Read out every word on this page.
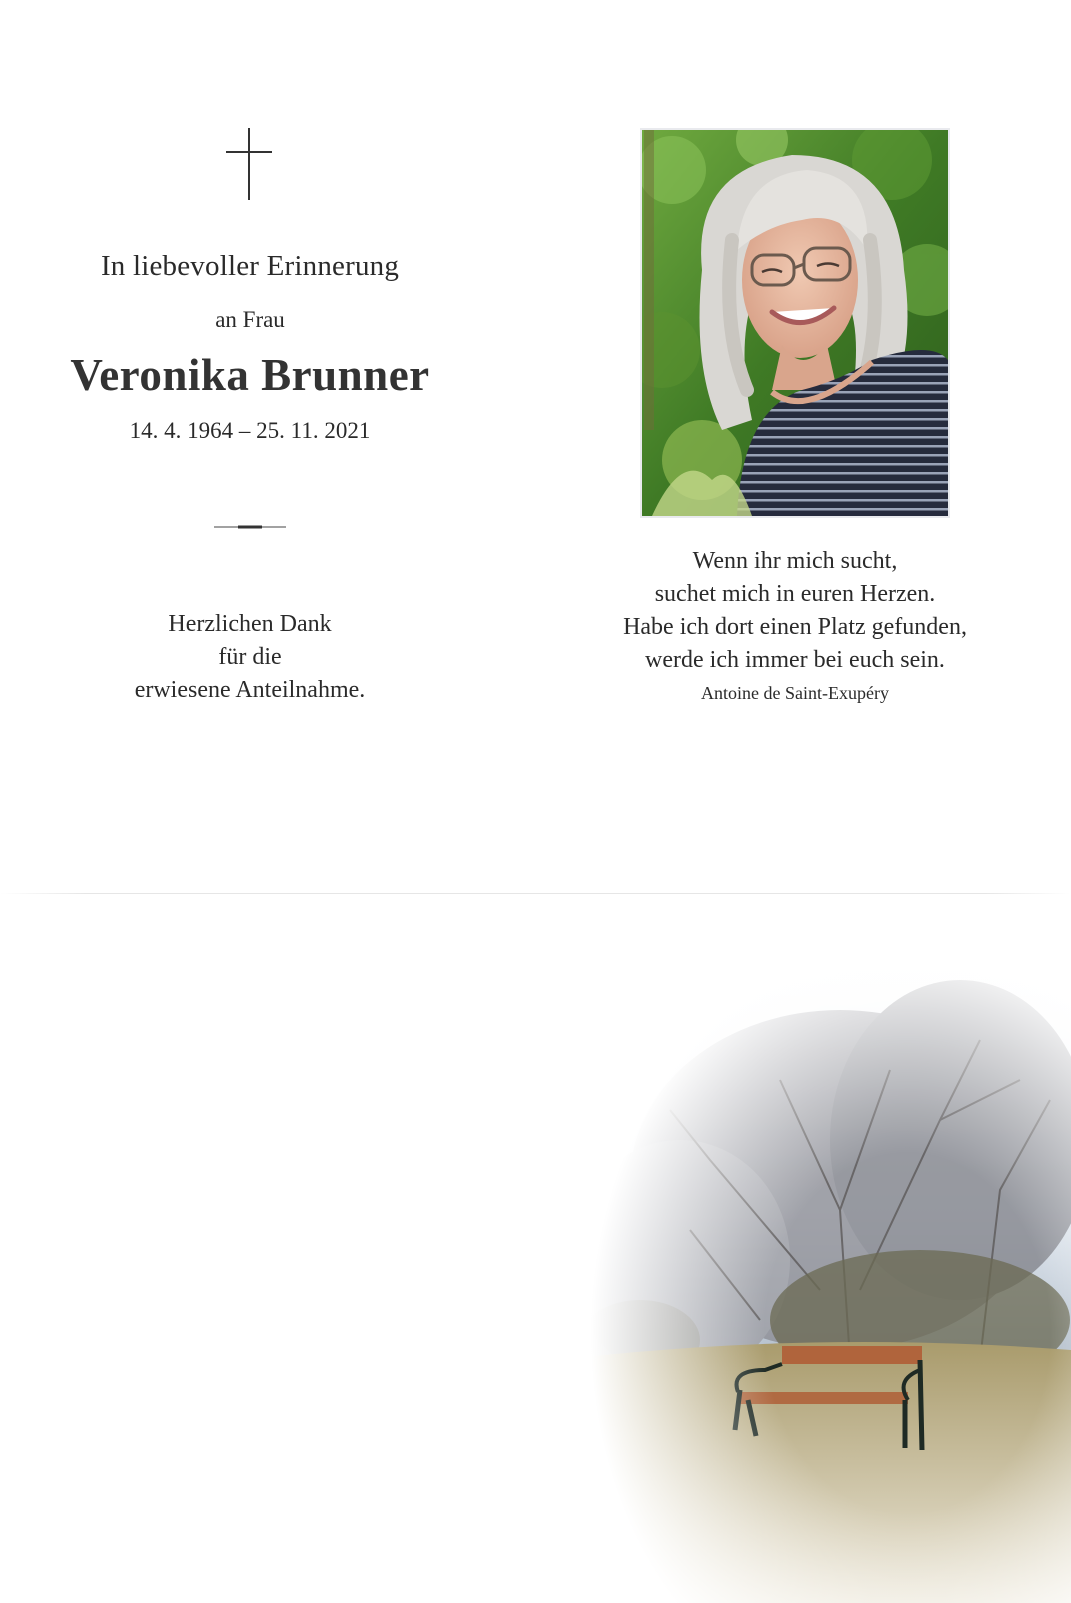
In liebevoller Erinnerung
an Frau
Veronika Brunner
14. 4. 1964 – 25. 11. 2021
Herzlichen Dank
für die
erwiesene Anteilnahme.
Wenn ihr mich sucht,
suchet mich in euren Herzen.
Habe ich dort einen Platz gefunden,
werde ich immer bei euch sein.
Antoine de Saint-Exupéry
